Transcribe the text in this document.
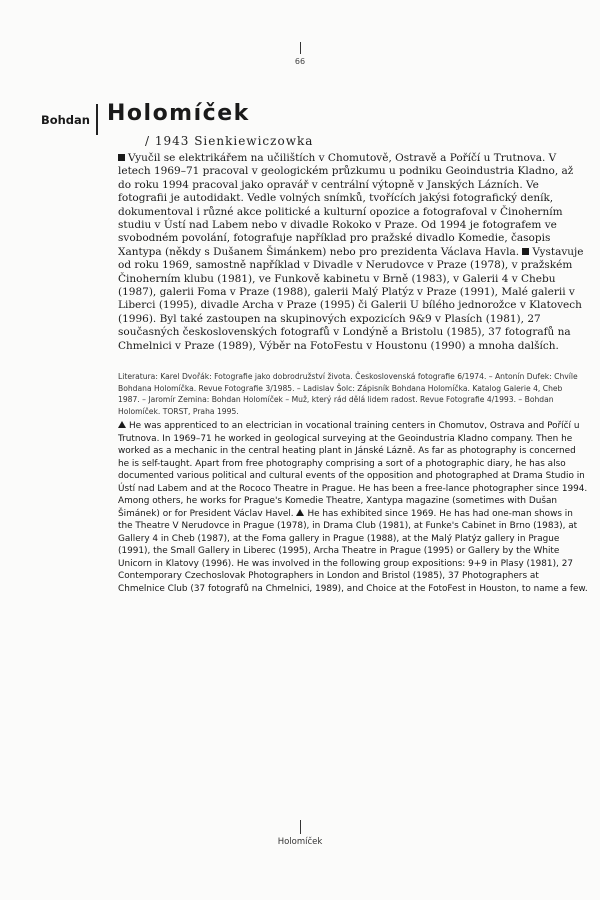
66
Bohdan Holomíček
/ 1943 Sienkiewiczowka

Vyučil se elektrikářem na učilištích v Chomutově, Ostravě a Poříčí u Trutnova. V letech 1969–71 pracoval v geologickém průzkumu u podniku Geoindustria Kladno, až do roku 1994 pracoval jako opravář v centrální výtopně v Janských Lázních. Ve fotografii je autodidakt. Vedle volných snímků, tvořících jakýsi fotografický deník, dokumentoval i různé akce politické a kulturní opozice a fotografoval v Činoherním studiu v Ústí nad Labem nebo v divadle Rokoko v Praze. Od 1994 je fotografem ve svobodném povolání, fotografuje například pro pražské divadlo Komedie, časopis Xantypa (někdy s Dušanem Šimánkem) nebo pro prezidenta Václava Havla. Vystavuje od roku 1969, samostně například v Divadle v Nerudovce v Praze (1978), v pražském Činoherním klubu (1981), ve Funkově kabinetu v Brně (1983), v Galerii 4 v Chebu (1987), galerii Foma v Praze (1988), galerii Malý Platýz v Praze (1991), Malé galerii v Liberci (1995), divadle Archa v Praze (1995) či Galerii U bílého jednorožce v Klatovech (1996). Byl také zastoupen na skupinových expozicích 9&9 v Plasích (1981), 27 současných československých fotografů v Londýně a Bristolu (1985), 37 fotografů na Chmelnici v Praze (1989), Výběr na FotoFestu v Houstonu (1990) a mnoha dalších.

Literatura: Karel Dvořák: Fotografie jako dobrodružství života. Československá fotografie 6/1974. – Antonín Dufek: Chvíle Bohdana Holomíčka. Revue Fotografie 3/1985. – Ladislav Šolc: Zápisník Bohdana Holomíčka. Katalog Galerie 4, Cheb 1987. – Jaromír Zemina: Bohdan Holomíček – Muž, který rád dělá lidem radost. Revue Fotografie 4/1993. – Bohdan Holomíček. TORST, Praha 1995.

He was apprenticed to an electrician in vocational training centers in Chomutov, Ostrava and Poříčí u Trutnova. In 1969–71 he worked in geological surveying at the Geoindustria Kladno company. Then he worked as a mechanic in the central heating plant in Jánské Lázně. As far as photography is concerned he is self-taught. Apart from free photography comprising a sort of a photographic diary, he has also documented various political and cultural events of the opposition and photographed at Drama Studio in Ústí nad Labem and at the Rococo Theatre in Prague. He has been a free-lance photographer since 1994. Among others, he works for Prague's Komedie Theatre, Xantypa magazine (sometimes with Dušan Šimánek) or for President Václav Havel. He has exhibited since 1969. He has had one-man shows in the Theatre V Nerudovce in Prague (1978), in Drama Club (1981), at Funke's Cabinet in Brno (1983), at Gallery 4 in Cheb (1987), at the Foma gallery in Prague (1988), at the Malý Platýz gallery in Prague (1991), the Small Gallery in Liberec (1995), Archa Theatre in Prague (1995) or Gallery by the White Unicorn in Klatovy (1996). He was involved in the following group expositions: 9+9 in Plasy (1981), 27 Contemporary Czechoslovak Photographers in London and Bristol (1985), 37 Photographers at Chmelnice Club (37 fotografů na Chmelnici, 1989), and Choice at the FotoFest in Houston, to name a few.

Holomíček
